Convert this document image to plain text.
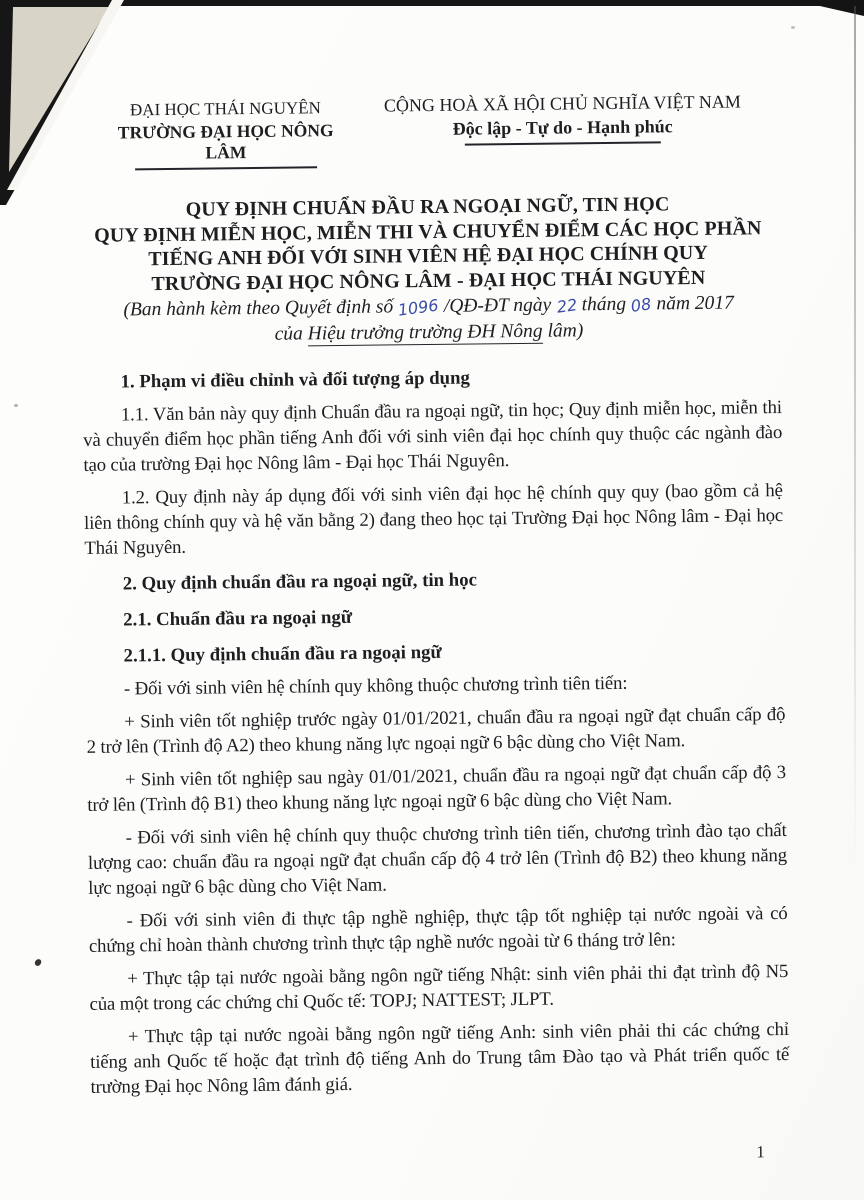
ĐẠI HỌC THÁI NGUYÊN
TRƯỜNG ĐẠI HỌC NÔNG LÂM
CỘNG HOÀ XÃ HỘI CHỦ NGHĨA VIỆT NAM
Độc lập - Tự do - Hạnh phúc
QUY ĐỊNH CHUẨN ĐẦU RA NGOẠI NGỮ, TIN HỌC
QUY ĐỊNH MIỄN HỌC, MIỄN THI VÀ CHUYỂN ĐIỂM CÁC HỌC PHẦN
TIẾNG ANH ĐỐI VỚI SINH VIÊN HỆ ĐẠI HỌC CHÍNH QUY
TRƯỜNG ĐẠI HỌC NÔNG LÂM - ĐẠI HỌC THÁI NGUYÊN
(Ban hành kèm theo Quyết định số 1096 /QĐ-ĐT ngày 22 tháng 08 năm 2017
của Hiệu trưởng trường ĐH Nông lâm)

1. Phạm vi điều chỉnh và đối tượng áp dụng

1.1. Văn bản này quy định Chuẩn đầu ra ngoại ngữ, tin học; Quy định miễn học, miễn thi và chuyển điểm học phần tiếng Anh đối với sinh viên đại học chính quy thuộc các ngành đào tạo của trường Đại học Nông lâm - Đại học Thái Nguyên.

1.2. Quy định này áp dụng đối với sinh viên đại học hệ chính quy quy (bao gồm cả hệ liên thông chính quy và hệ văn bằng 2) đang theo học tại Trường Đại học Nông lâm - Đại học Thái Nguyên.

2. Quy định chuẩn đầu ra ngoại ngữ, tin học

2.1. Chuẩn đầu ra ngoại ngữ

2.1.1. Quy định chuẩn đầu ra ngoại ngữ

- Đối với sinh viên hệ chính quy không thuộc chương trình tiên tiến:

+ Sinh viên tốt nghiệp trước ngày 01/01/2021, chuẩn đầu ra ngoại ngữ đạt chuẩn cấp độ 2 trở lên (Trình độ A2) theo khung năng lực ngoại ngữ 6 bậc dùng cho Việt Nam.

+ Sinh viên tốt nghiệp sau ngày 01/01/2021, chuẩn đầu ra ngoại ngữ đạt chuẩn cấp độ 3 trở lên (Trình độ B1) theo khung năng lực ngoại ngữ 6 bậc dùng cho Việt Nam.

- Đối với sinh viên hệ chính quy thuộc chương trình tiên tiến, chương trình đào tạo chất lượng cao: chuẩn đầu ra ngoại ngữ đạt chuẩn cấp độ 4 trở lên (Trình độ B2) theo khung năng lực ngoại ngữ 6 bậc dùng cho Việt Nam.

- Đối với sinh viên đi thực tập nghề nghiệp, thực tập tốt nghiệp tại nước ngoài và có chứng chỉ hoàn thành chương trình thực tập nghề nước ngoài từ 6 tháng trở lên:

+ Thực tập tại nước ngoài bằng ngôn ngữ tiếng Nhật: sinh viên phải thi đạt trình độ N5 của một trong các chứng chỉ Quốc tế: TOPJ; NATTEST; JLPT.

+ Thực tập tại nước ngoài bằng ngôn ngữ tiếng Anh: sinh viên phải thi các chứng chỉ tiếng anh Quốc tế hoặc đạt trình độ tiếng Anh do Trung tâm Đào tạo và Phát triển quốc tế trường Đại học Nông lâm đánh giá.

1
